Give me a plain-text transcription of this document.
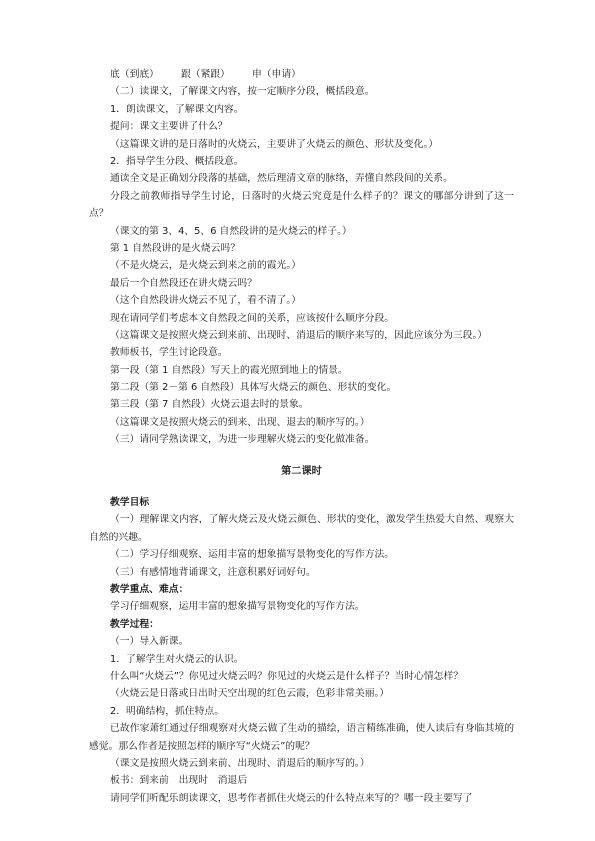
底（到底） 跟（紧跟） 申（申请）
（二）读课文，了解课文内容，按一定顺序分段，概括段意。
1．朗读课文，了解课文内容。
提问：课文主要讲了什么？
（这篇课文讲的是日落时的火烧云，主要讲了火烧云的颜色、形状及变化。）
2．指导学生分段、概括段意。
通读全文是正确划分段落的基础，然后理清文章的脉络，弄懂自然段间的关系。
分段之前教师指导学生讨论，日落时的火烧云究竟是什么样子的？课文的哪部分讲到了这一点？
（课文的第 3、4、5、6 自然段讲的是火烧云的样子。）
第 1 自然段讲的是火烧云吗？
（不是火烧云，是火烧云到来之前的霞光。）
最后一个自然段还在讲火烧云吗？
（这个自然段讲火烧云不见了，看不清了。）
现在请同学们考虑本文自然段之间的关系，应该按什么顺序分段。
（这篇课文是按照火烧云到来前、出现时、消退后的顺序来写的，因此应该分为三段。）
教师板书，学生讨论段意。
第一段（第 1 自然段）写天上的霞光照到地上的情景。
第二段（第 2－第 6 自然段）具体写火烧云的颜色、形状的变化。
第三段（第 7 自然段）火烧云退去时的景象。
（这篇课文是按照火烧云的到来、出现、退去的顺序写的。）
（三）请同学熟读课文，为进一步理解火烧云的变化做准备。
第二课时
教学目标
（一）理解课文内容，了解火烧云及火烧云颜色、形状的变化，激发学生热爱大自然、观察大自然的兴趣。
（二）学习仔细观察、运用丰富的想象描写景物变化的写作方法。
（三）有感情地背诵课文，注意积累好词好句。
教学重点、难点：
学习仔细观察，运用丰富的想象描写景物变化的写作方法。
教学过程：
（一）导入新课。
1．了解学生对火烧云的认识。
什么叫“火烧云”？你见过火烧云吗？你见过的火烧云是什么样子？当时心情怎样？
（火烧云是日落或日出时天空出现的红色云霞，色彩非常美丽。）
2．明确结构，抓住特点。
已故作家萧红通过仔细观察对火烧云做了生动的描绘，语言精练准确，使人读后有身临其境的感觉。那么作者是按照怎样的顺序写“火烧云”的呢？
（课文是按照火烧云到来前、出现时、消退后的顺序写的。）
板书：到来前　出现时　消退后
请同学们听配乐朗读课文，思考作者抓住火烧云的什么特点来写的？哪一段主要写了
